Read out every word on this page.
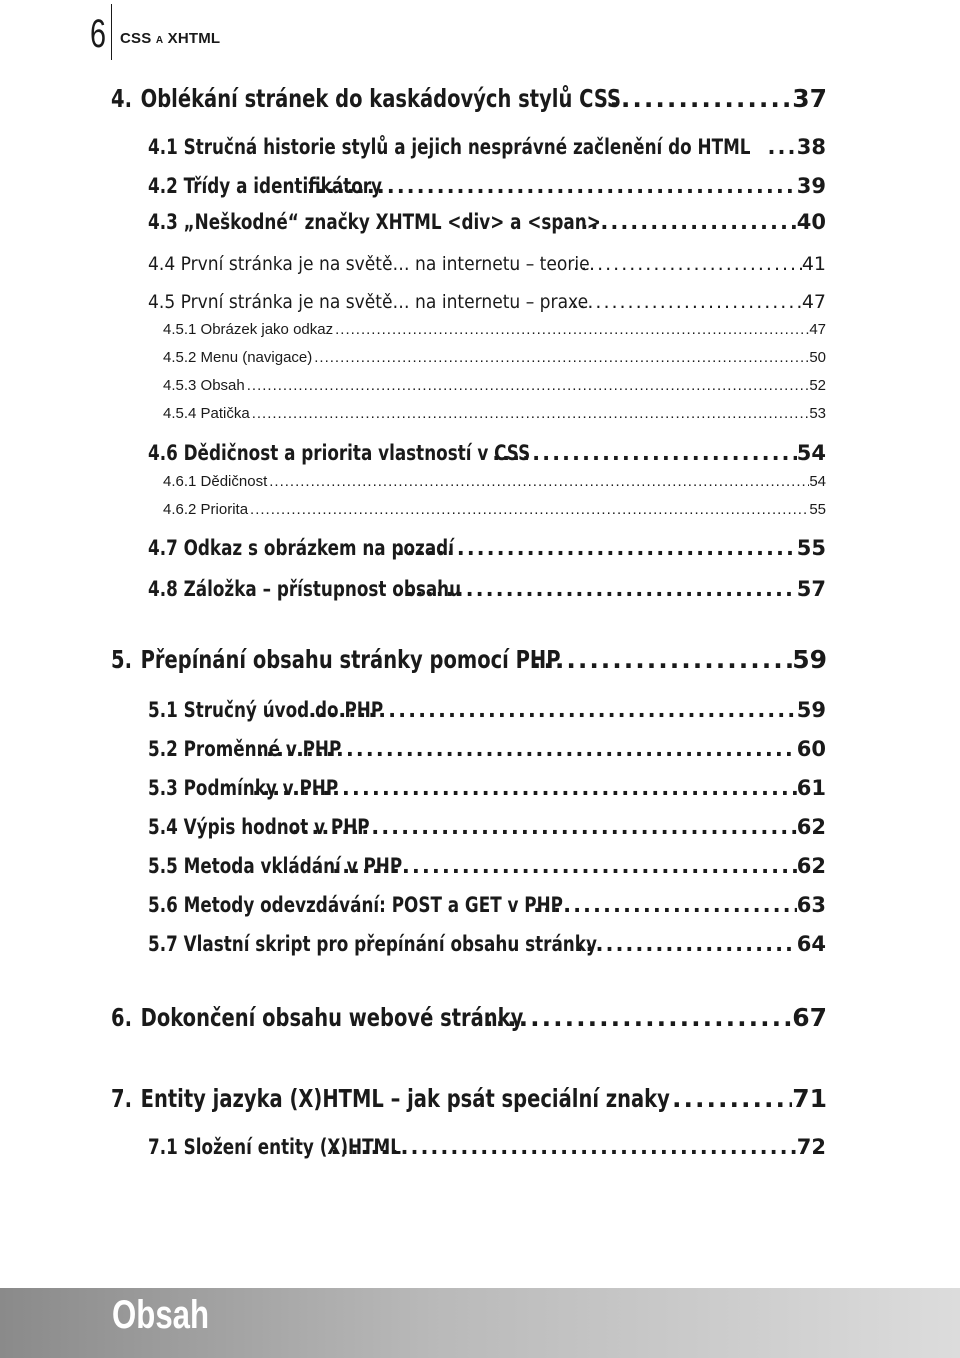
6 CSS A XHTML
4. Oblékání stránek do kaskádových stylů CSS .....	37
4.1 Stručná historie stylů a jejich nesprávné začlenění do HTML ..... 38
4.2 Třídy a identifikátory .....	39
4.3 „Neškodné“ značky XHTML <div> a <span> .....	40
4.4 První stránka je na světě… na internetu – teorie .....	41
4.5 První stránka je na světě… na internetu – praxe .....	47
4.5.1 Obrázek jako odkaz .....	47
4.5.2 Menu (navigace) .....	50
4.5.3 Obsah .....	52
4.5.4 Patička .....	53
4.6 Dědičnost a priorita vlastností v CSS .....	54
4.6.1 Dědičnost .....	54
4.6.2 Priorita .....	55
4.7 Odkaz s obrázkem na pozadí .....	55
4.8 Záložka – přístupnost obsahu .....	57
5. Přepínání obsahu stránky pomocí PHP .....	59
5.1 Stručný úvod do PHP .....	59
5.2 Proměnné v PHP .....	60
5.3 Podmínky v PHP .....	61
5.4 Výpis hodnot v PHP .....	62
5.5 Metoda vkládání v PHP .....	62
5.6 Metody odevzdávání: POST a GET v PHP .....	63
5.7 Vlastní skript pro přepínání obsahu stránky .....	64
6. Dokončení obsahu webové stránky .....	67
7. Entity jazyka (X)HTML – jak psát speciální znaky .....	71
7.1 Složení entity (X)HTML .....	72
Obsah
